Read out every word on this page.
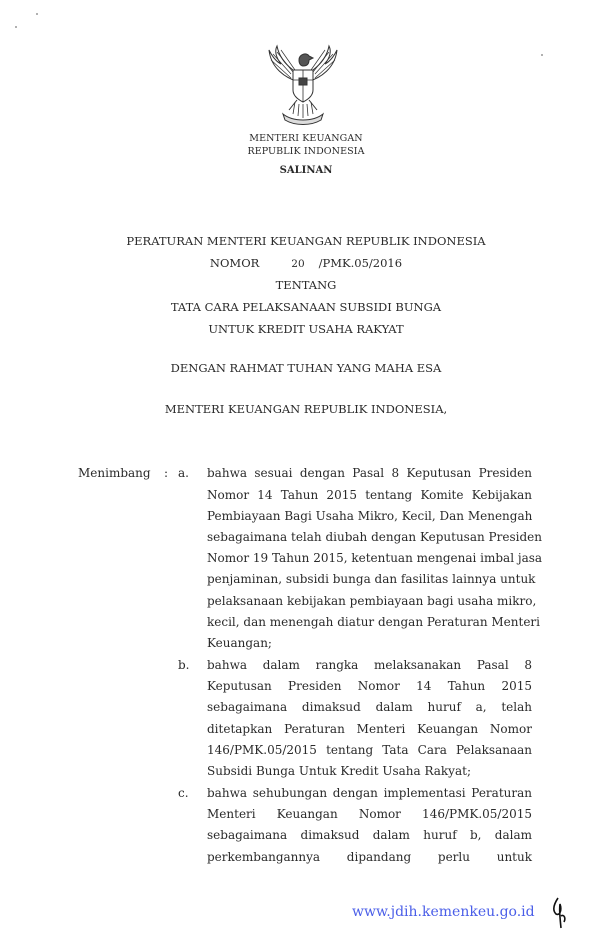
MENTERI KEUANGAN
REPUBLIK INDONESIA
SALINAN
PERATURAN MENTERI KEUANGAN REPUBLIK INDONESIA
NOMOR	20 /PMK.05/2016
TENTANG
TATA CARA PELAKSANAAN SUBSIDI BUNGA
UNTUK KREDIT USAHA RAKYAT
DENGAN RAHMAT TUHAN YANG MAHA ESA
MENTERI KEUANGAN REPUBLIK INDONESIA,
Menimbang : a. bahwa sesuai dengan Pasal 8 Keputusan Presiden
Nomor 14 Tahun 2015 tentang Komite Kebijakan
Pembiayaan Bagi Usaha Mikro, Kecil, Dan Menengah
sebagaimana telah diubah dengan Keputusan Presiden
Nomor 19 Tahun 2015, ketentuan mengenai imbal jasa
penjaminan, subsidi bunga dan fasilitas lainnya untuk
pelaksanaan kebijakan pembiayaan bagi usaha mikro,
kecil, dan menengah diatur dengan Peraturan Menteri
Keuangan;
b. bahwa dalam rangka melaksanakan Pasal 8
Keputusan Presiden Nomor 14 Tahun 2015
sebagaimana dimaksud dalam huruf a, telah
ditetapkan Peraturan Menteri Keuangan Nomor
146/PMK.05/2015 tentang Tata Cara Pelaksanaan
Subsidi Bunga Untuk Kredit Usaha Rakyat;
c. bahwa sehubungan dengan implementasi Peraturan
Menteri Keuangan Nomor 146/PMK.05/2015
sebagaimana dimaksud dalam huruf b, dalam
perkembangannya dipandang perlu untuk
www.jdih.kemenkeu.go.id
